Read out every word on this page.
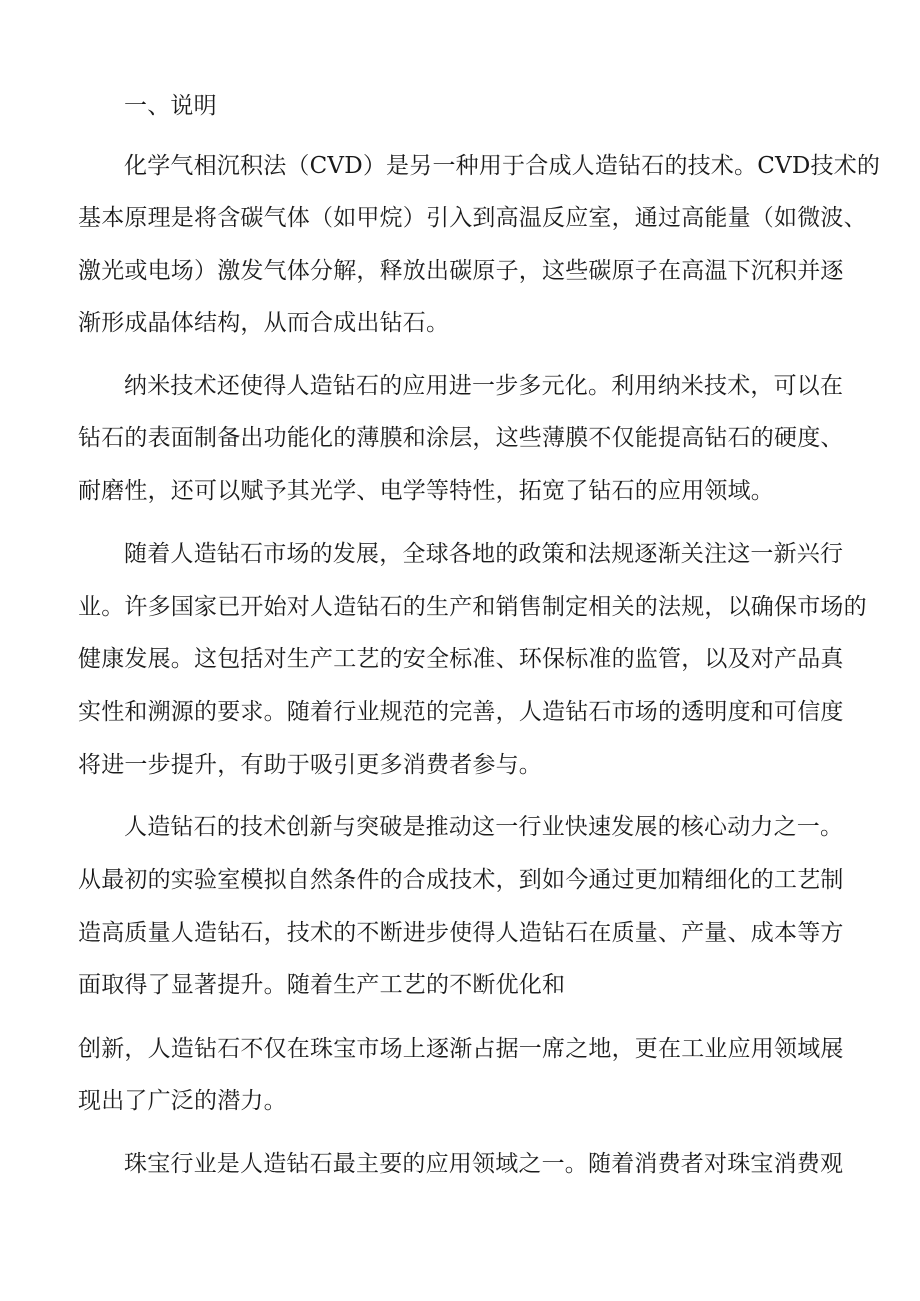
一、说明
化学气相沉积法（CVD）是另一种用于合成人造钻石的技术。CVD技术的
基本原理是将含碳气体（如甲烷）引入到高温反应室，通过高能量（如微波、
激光或电场）激发气体分解，释放出碳原子，这些碳原子在高温下沉积并逐
渐形成晶体结构，从而合成出钻石。
纳米技术还使得人造钻石的应用进一步多元化。利用纳米技术，可以在
钻石的表面制备出功能化的薄膜和涂层，这些薄膜不仅能提高钻石的硬度、
耐磨性，还可以赋予其光学、电学等特性，拓宽了钻石的应用领域。
随着人造钻石市场的发展，全球各地的政策和法规逐渐关注这一新兴行
业。许多国家已开始对人造钻石的生产和销售制定相关的法规，以确保市场的
健康发展。这包括对生产工艺的安全标准、环保标准的监管，以及对产品真
实性和溯源的要求。随着行业规范的完善，人造钻石市场的透明度和可信度
将进一步提升，有助于吸引更多消费者参与。
人造钻石的技术创新与突破是推动这一行业快速发展的核心动力之一。
从最初的实验室模拟自然条件的合成技术，到如今通过更加精细化的工艺制
造高质量人造钻石，技术的不断进步使得人造钻石在质量、产量、成本等方
面取得了显著提升。随着生产工艺的不断优化和
创新，人造钻石不仅在珠宝市场上逐渐占据一席之地，更在工业应用领域展
现出了广泛的潜力。
珠宝行业是人造钻石最主要的应用领域之一。随着消费者对珠宝消费观
